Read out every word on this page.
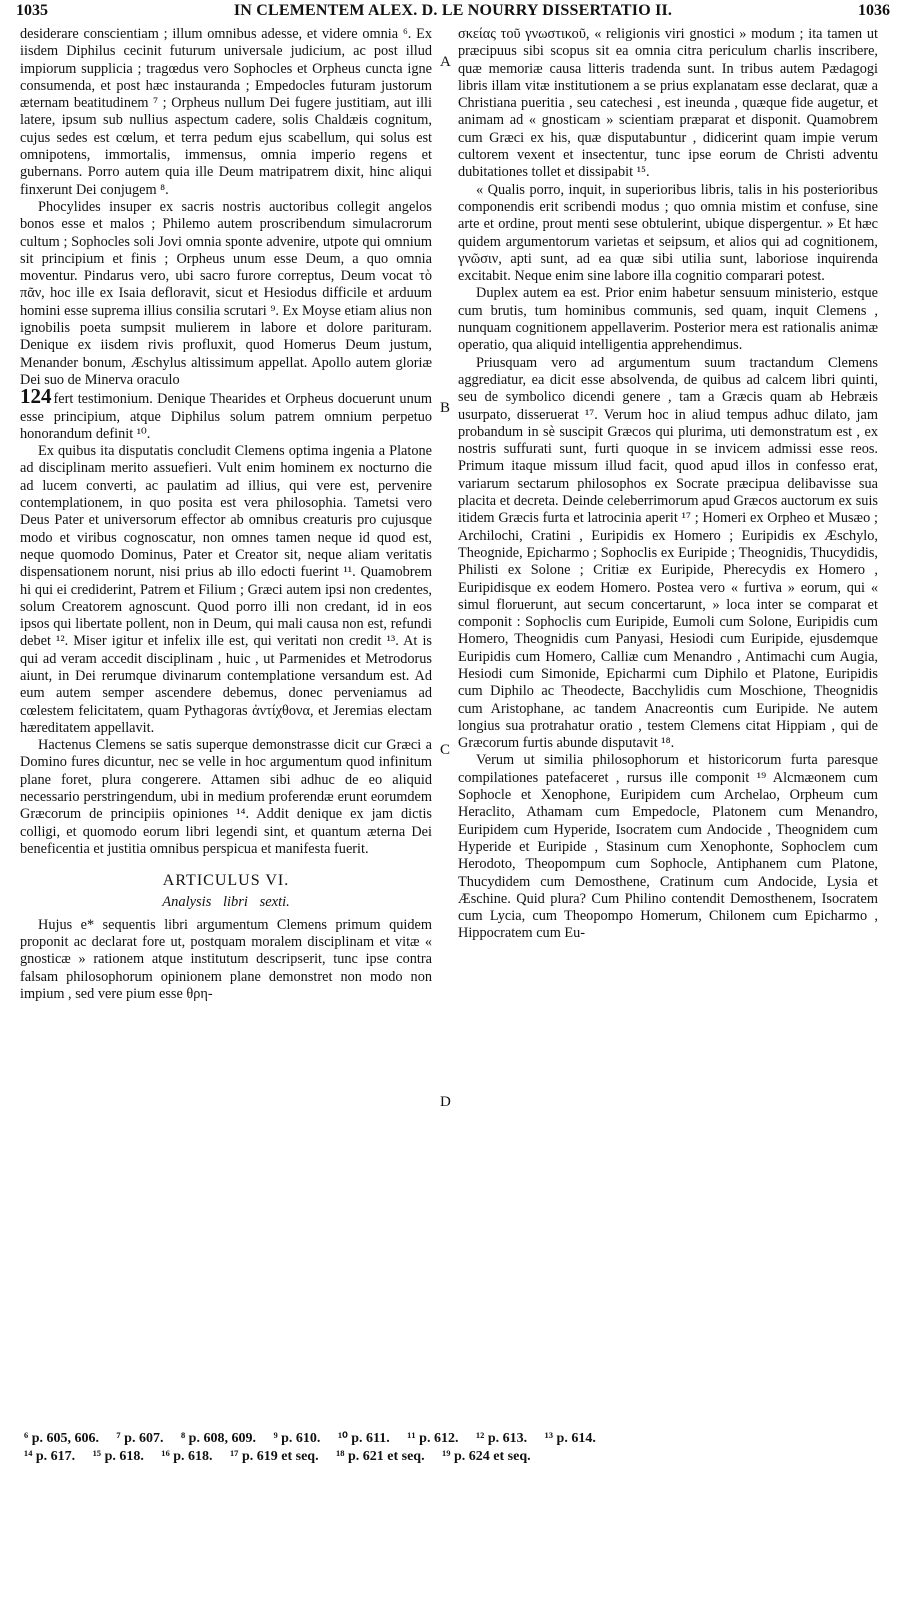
1035	IN CLEMENTEM ALEX. D. LE NOURRY DISSERTATIO II.	1036

desiderare conscientiam ; illum omnibus adesse, et videre omnia ⁶. Ex iisdem Diphilus cecinit futurum universale judicium, ac post illud impiorum supplicia ; tragœdus vero Sophocles et Orpheus cuncta igne consumenda, et post hæc instauranda ; Empedocles futuram justorum æternam beatitudinem ⁷ ; Orpheus nullum Dei fugere justitiam, aut illi latere, ipsum sub nullius aspectum cadere, solis Chaldæis cognitum, cujus sedes est cœlum, et terra pedum ejus scabellum, qui solus est omnipotens, immortalis, immensus, omnia imperio regens et gubernans. Porro autem quia ille Deum matripatrem dixit, hinc aliqui finxerunt Dei conjugem ⁸.

Phocylides insuper ex sacris nostris auctoribus collegit angelos bonos esse et malos ; Philemo autem proscribendum simulacrorum cultum ; Sophocles soli Jovi omnia sponte advenire, utpote qui omnium sit principium et finis ; Orpheus unum esse Deum, a quo omnia moventur. Pindarus vero, ubi sacro furore correptus, Deum vocat τὸ πᾶν, hoc ille ex Isaia defloravit, sicut et Hesiodus difficile et arduum homini esse suprema illius consilia scrutari ⁹. Ex Moyse etiam alius non ignobilis poeta sumpsit mulierem in labore et dolore parituram. Denique ex iisdem rivis profluxit, quod Homerus Deum justum, Menander bonum, Æschylus altissimum appellat. Apollo autem gloriæ Dei suo de Minerva oraculo

124 fert testimonium. Denique Thearides et Orpheus docuerunt unum esse principium, atque Diphilus solum patrem omnium perpetuo honorandum definit ¹⁰.

Ex quibus ita disputatis concludit Clemens optima ingenia a Platone ad disciplinam merito assuefieri. Vult enim hominem ex nocturno die ad lucem converti, ac paulatim ad illius, qui vere est, pervenire contemplationem, in quo posita est vera philosophia. Tametsi vero Deus Pater et universorum effector ab omnibus creaturis pro cujusque modo et viribus cognoscatur, non omnes tamen neque id quod est, neque quomodo Dominus, Pater et Creator sit, neque aliam veritatis dispensationem norunt, nisi prius ab illo edocti fuerint ¹¹. Quamobrem hi qui ei crediderint, Patrem et Filium ; Græci autem ipsi non credentes, solum Creatorem agnoscunt. Quod porro illi non credant, id in eos ipsos qui libertate pollent, non in Deum, qui mali causa non est, refundi debet ¹². Miser igitur et infelix ille est, qui veritati non credit ¹³. At is qui ad veram accedit disciplinam , huic , ut Parmenides et Metrodorus aiunt, in Dei rerumque divinarum contemplatione versandum est. Ad eum autem semper ascendere debemus, donec perveniamus ad cœlestem felicitatem, quam Pythagoras ἀντίχθονα, et Jeremias electam hæreditatem appellavit.

Hactenus Clemens se satis superque demonstrasse dicit cur Græci a Domino fures dicuntur, nec se velle in hoc argumentum quod infinitum plane foret, plura congerere. Attamen sibi adhuc de eo aliquid necessario perstringendum, ubi in medium proferendæ erunt eorumdem Græcorum de principiis opiniones ¹⁴. Addit denique ex jam dictis colligi, et quomodo eorum libri legendi sint, et quantum æterna Dei beneficentia et justitia omnibus perspicua et manifesta fuerit.

ARTICULUS VI.
Analysis libri sexti.

Hujus e* sequentis libri argumentum Clemens primum quidem proponit ac declarat fore ut, postquam moralem disciplinam et vitæ « gnosticæ » rationem atque institutum descripserit, tunc ipse contra falsam philosophorum opinionem plane demonstret non modo non impium , sed vere pium esse θρη-

σκείας τοῦ γνωστικοῦ, « religionis viri gnostici » modum ; ita tamen ut præcipuus sibi scopus sit ea omnia citra periculum charlis inscribere, quæ memoriæ causa litteris tradenda sunt. In tribus autem Pædagogi libris illam vitæ institutionem a se prius explanatam esse declarat, quæ a Christiana pueritia , seu catechesi , est ineunda , quæque fide augetur, et animam ad « gnosticam » scientiam præparat et disponit. Quamobrem cum Græci ex his, quæ disputabuntur , didicerint quam impie verum cultorem vexent et insectentur, tunc ipse eorum de Christi adventu dubitationes tollet et dissipabit ¹⁵.

« Qualis porro, inquit, in superioribus libris, talis in his posterioribus componendis erit scribendi modus ; quo omnia mistim et confuse, sine arte et ordine, prout menti sese obtulerint, ubique dispergentur. » Et hæc quidem argumentorum varietas et seipsum, et alios qui ad cognitionem, γνῶσιν, apti sunt, ad ea quæ sibi utilia sunt, laboriose inquirenda excitabit. Neque enim sine labore illa cognitio comparari potest.

Duplex autem ea est. Prior enim habetur sensuum ministerio, estque cum brutis, tum hominibus communis, sed quam, inquit Clemens , nunquam cognitionem appellaverim. Posterior mera est rationalis animæ operatio, qua aliquid intelligentia apprehendimus.

Priusquam vero ad argumentum suum tractandum Clemens aggrediatur, ea dicit esse absolvenda, de quibus ad calcem libri quinti, seu de symbolico dicendi genere , tam a Græcis quam ab Hebræis usurpato, disseruerat ¹⁷. Verum hoc in aliud tempus adhuc dilato, jam probandum in sè suscipit Græcos qui plurima, uti demonstratum est , ex nostris suffurati sunt, furti quoque in se invicem admissi esse reos. Primum itaque missum illud facit, quod apud illos in confesso erat, variarum sectarum philosophos ex Socrate præcipua delibavisse sua placita et decreta. Deinde celeberrimorum apud Græcos auctorum ex suis itidem Græcis furta et latrocinia aperit ¹⁷ ; Homeri ex Orpheo et Musæo ; Archilochi, Cratini , Euripidis ex Homero ; Euripidis ex Æschylo, Theognide, Epicharmo ; Sophoclis ex Euripide ; Theognidis, Thucydidis, Philisti ex Solone ; Critiæ ex Euripide, Pherecydis ex Homero , Euripidisque ex eodem Homero. Postea vero « furtiva » eorum, qui « simul floruerunt, aut secum concertarunt, » loca inter se comparat et componit : Sophoclis cum Euripide, Eumoli cum Solone, Euripidis cum Homero, Theognidis cum Panyasi, Hesiodi cum Euripide, ejusdemque Euripidis cum Homero, Calliæ cum Menandro , Antimachi cum Augia, Hesiodi cum Simonide, Epicharmi cum Diphilo et Platone, Euripidis cum Diphilo ac Theodecte, Bacchylidis cum Moschione, Theognidis cum Aristophane, ac tandem Anacreontis cum Euripide. Ne autem longius sua protrahatur oratio , testem Clemens citat Hippiam , qui de Græcorum furtis abunde disputavit ¹⁸.

Verum ut similia philosophorum et historicorum furta paresque compilationes patefaceret , rursus ille componit ¹⁹ Alcmæonem cum Sophocle et Xenophone, Euripidem cum Archelao, Orpheum cum Heraclito, Athamam cum Empedocle, Platonem cum Menandro, Euripidem cum Hyperide, Isocratem cum Andocide , Theognidem cum Hyperide et Euripide , Stasinum cum Xenophonte, Sophoclem cum Herodoto, Theopompum cum Sophocle, Antiphanem cum Platone, Thucydidem cum Demosthene, Cratinum cum Andocide, Lysia et Æschine. Quid plura? Cum Philino contendit Demosthenem, Isocratem cum Lycia, cum Theopompo Homerum, Chilonem cum Epicharmo , Hippocratem cum Eu-

A
B
C
D
⁶ p. 605, 606. ⁷ p. 607. ⁸ p. 608, 609. ⁹ p. 610. ¹⁰ p. 611. ¹¹ p. 612. ¹² p. 613. ¹³ p. 614.
¹⁴ p. 617. ¹⁵ p. 618. ¹⁶ p. 618. ¹⁷ p. 619 et seq. ¹⁸ p. 621 et seq. ¹⁹ p. 624 et seq.
